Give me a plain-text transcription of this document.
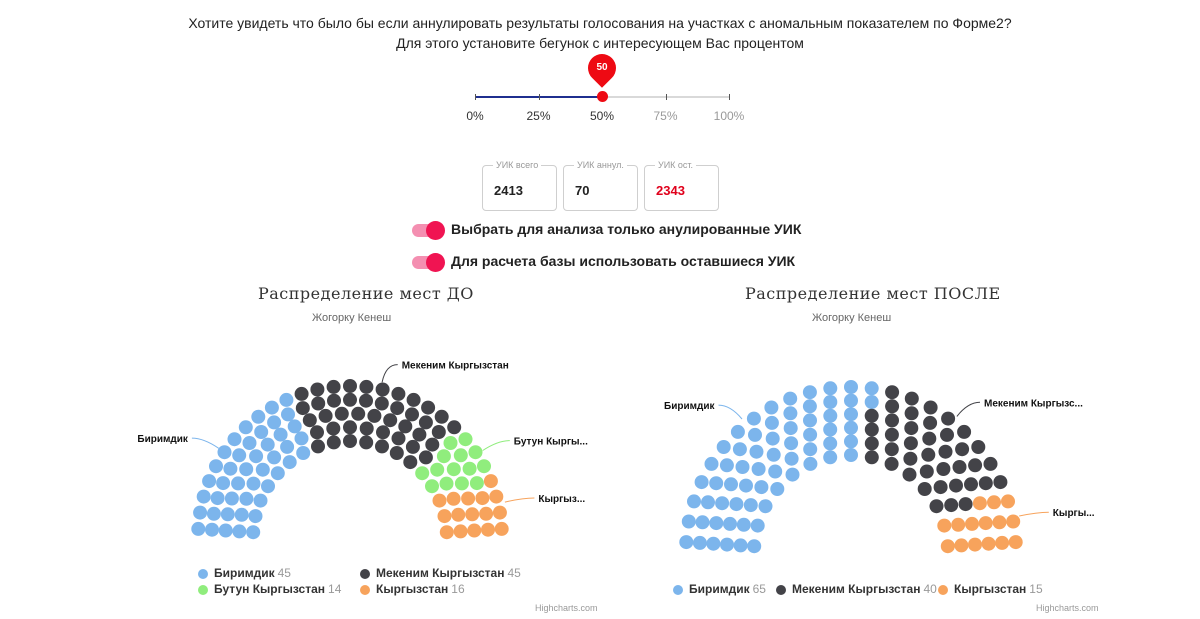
Хотите увидеть что было бы если аннулировать результаты голосования на участках с аномальным показателем по Форме2?
Для этого установите бегунок с интересующем Вас процентом
50
0%	25%	50%	75%	100%
УИК всего
2413
УИК аннул.
70
УИК ост.
2343
Выбрать для анализа только анулированные УИК
Для расчета базы использовать оставшиеся УИК
Распределение мест ДО
Жогорку Кенеш
Биримдик
Мекеним Кыргызстан
Бутун Кыргы...
Кыргыз...
Биримдик 45	Мекеним Кыргызстан 45
Бутун Кыргызстан 14	Кыргызстан 16
Highcharts.com
Распределение мест ПОСЛЕ
Жогорку Кенеш
Биримдик	Мекеним Кыргызс...
Кыргы...
Биримдик 65 Мекеним Кыргызстан 40 Кыргызстан 15
Highcharts.com
